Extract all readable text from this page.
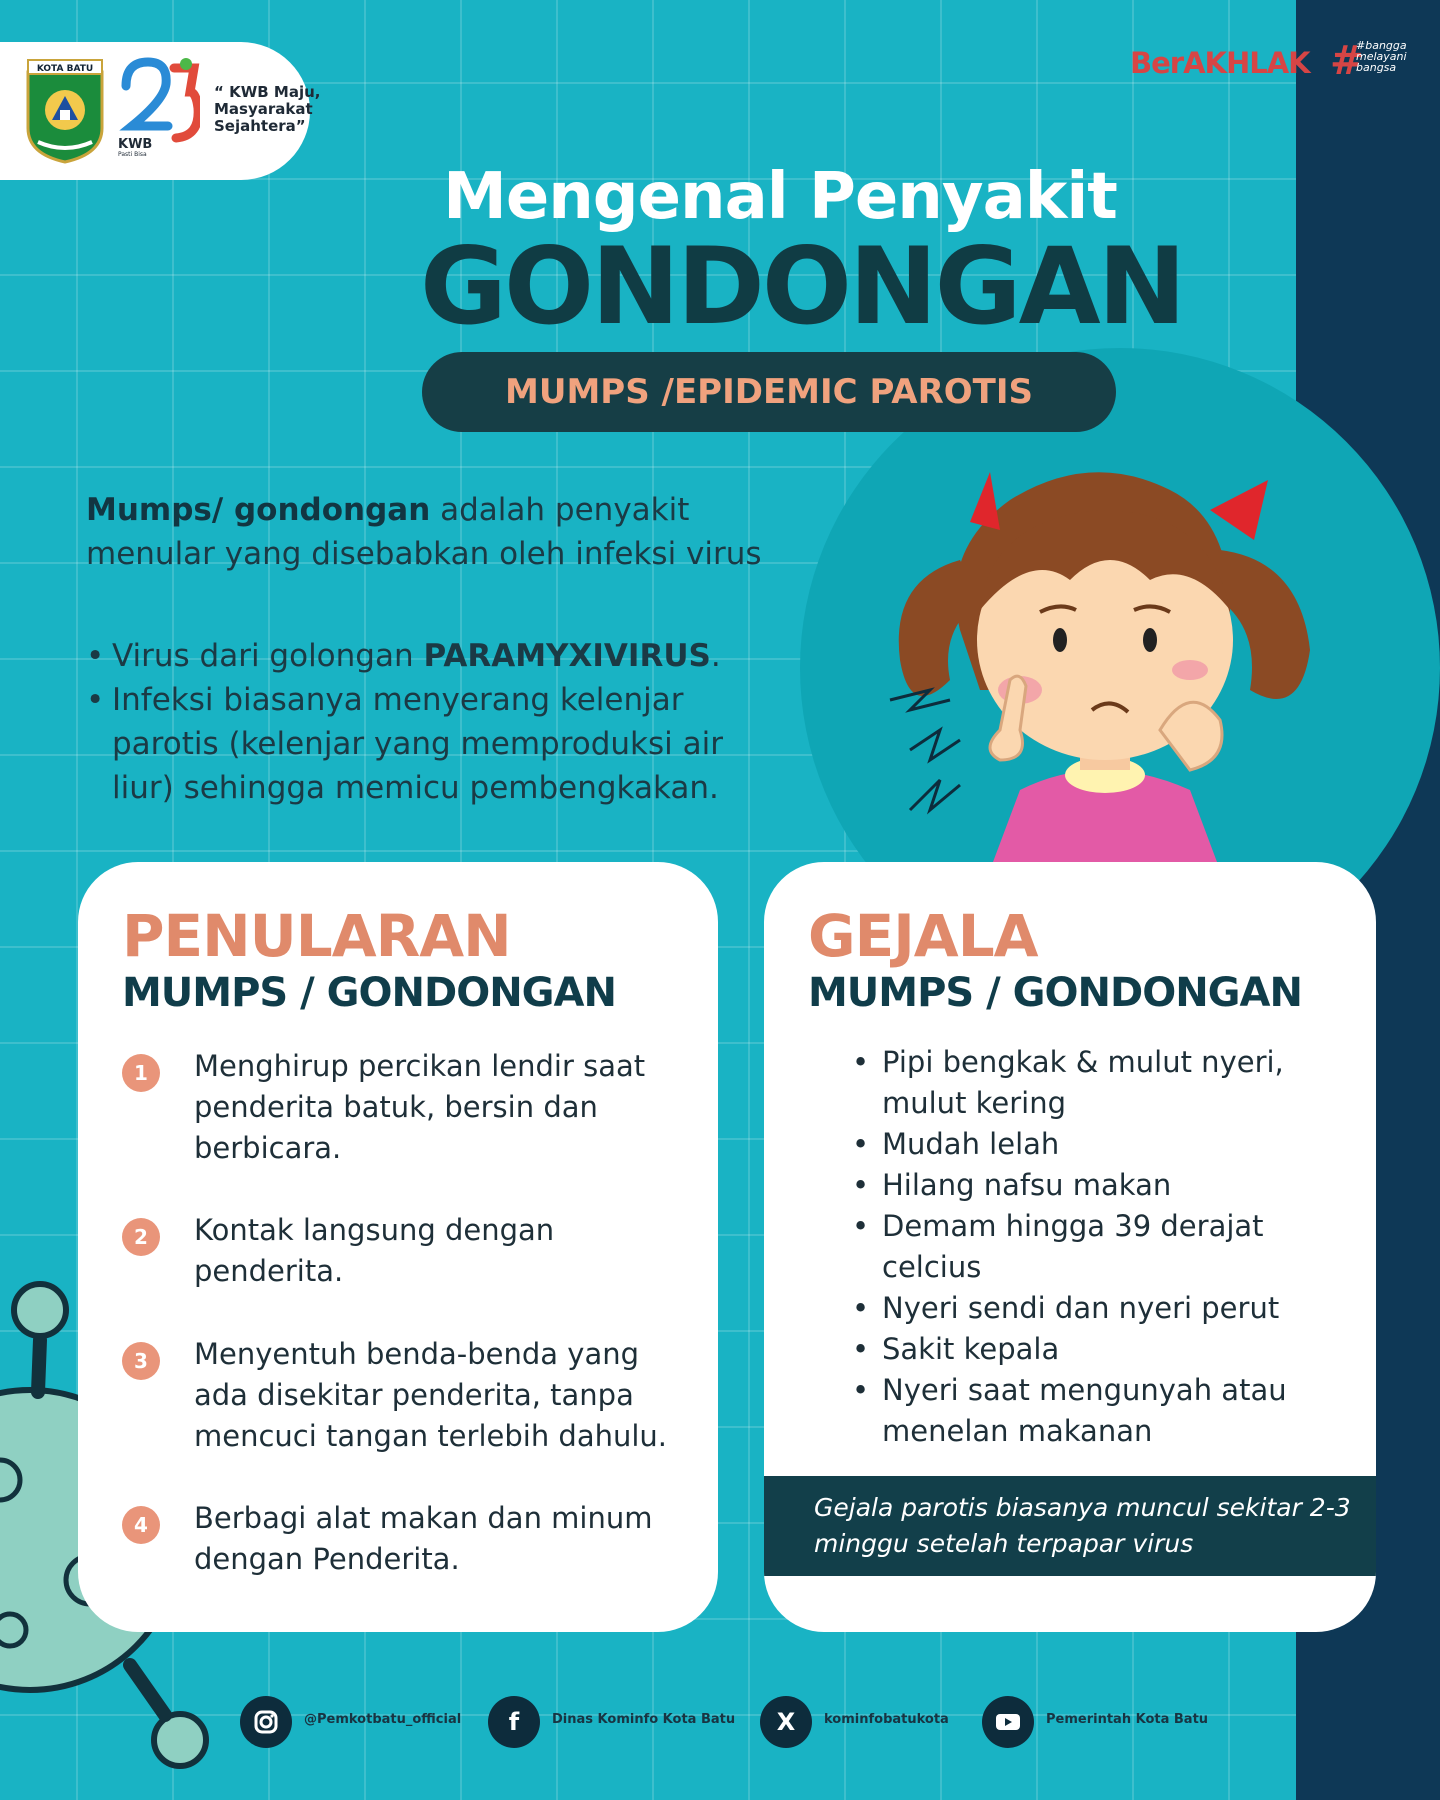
KOTA BATU
KWB
Pasti Bisa
“ KWB Maju, Masyarakat Sejahtera”
BerAKHLAK #
#bangga melayani bangsa
Mengenal Penyakit
GONDONGAN
MUMPS /EPIDEMIC PAROTIS
Mumps/ gondongan adalah penyakit menular yang disebabkan oleh infeksi virus
• Virus dari golongan PARAMYXIVIRUS.
• Infeksi biasanya menyerang kelenjar parotis (kelenjar yang memproduksi air liur) sehingga memicu pembengkakan.
PENULARAN
MUMPS / GONDONGAN
1	Menghirup percikan lendir saat penderita batuk, bersin dan berbicara.
2	Kontak langsung dengan penderita.
3	Menyentuh benda-benda yang ada disekitar penderita, tanpa mencuci tangan terlebih dahulu.
4	Berbagi alat makan dan minum dengan Penderita.
GEJALA
MUMPS / GONDONGAN
• Pipi bengkak & mulut nyeri, mulut kering
• Mudah lelah
• Hilang nafsu makan
• Demam hingga 39 derajat celcius
• Nyeri sendi dan nyeri perut
• Sakit kepala
• Nyeri saat mengunyah atau menelan makanan
Gejala parotis biasanya muncul sekitar 2-3 minggu setelah terpapar virus
@Pemkotbatu_official	f	Dinas Kominfo Kota Batu	X	kominfobatukota	Pemerintah Kota Batu
